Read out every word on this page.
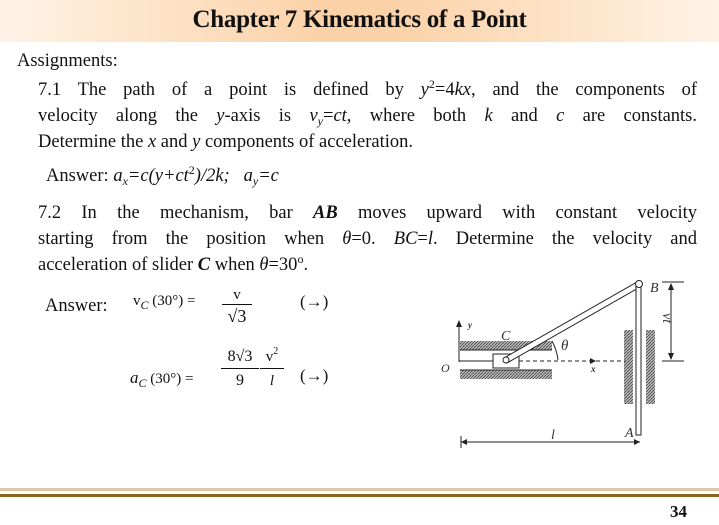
Chapter 7 Kinematics of a Point
Assignments:
7.1 The path of a point is defined by $y^2=4kx$, and the components of
velocity along the y-axis is $v_y=ct$, where both k and c are constants.
Determine the x and y components of acceleration.
Answer: $a_x=c(y+ct^2)/2k$; $a_y=c$
7.2 In the mechanism, bar AB moves upward with constant velocity
starting from the position when θ=0. BC=l. Determine the velocity and
acceleration of slider C when $\theta=30^o$.
Answer: $v_C$ (30°) =	v
√3
(→)
$a_C$ (30°) =
8√3
9
$v^2$
l	(→)
B
C
O
A
θ
x
y
l
vt
34
